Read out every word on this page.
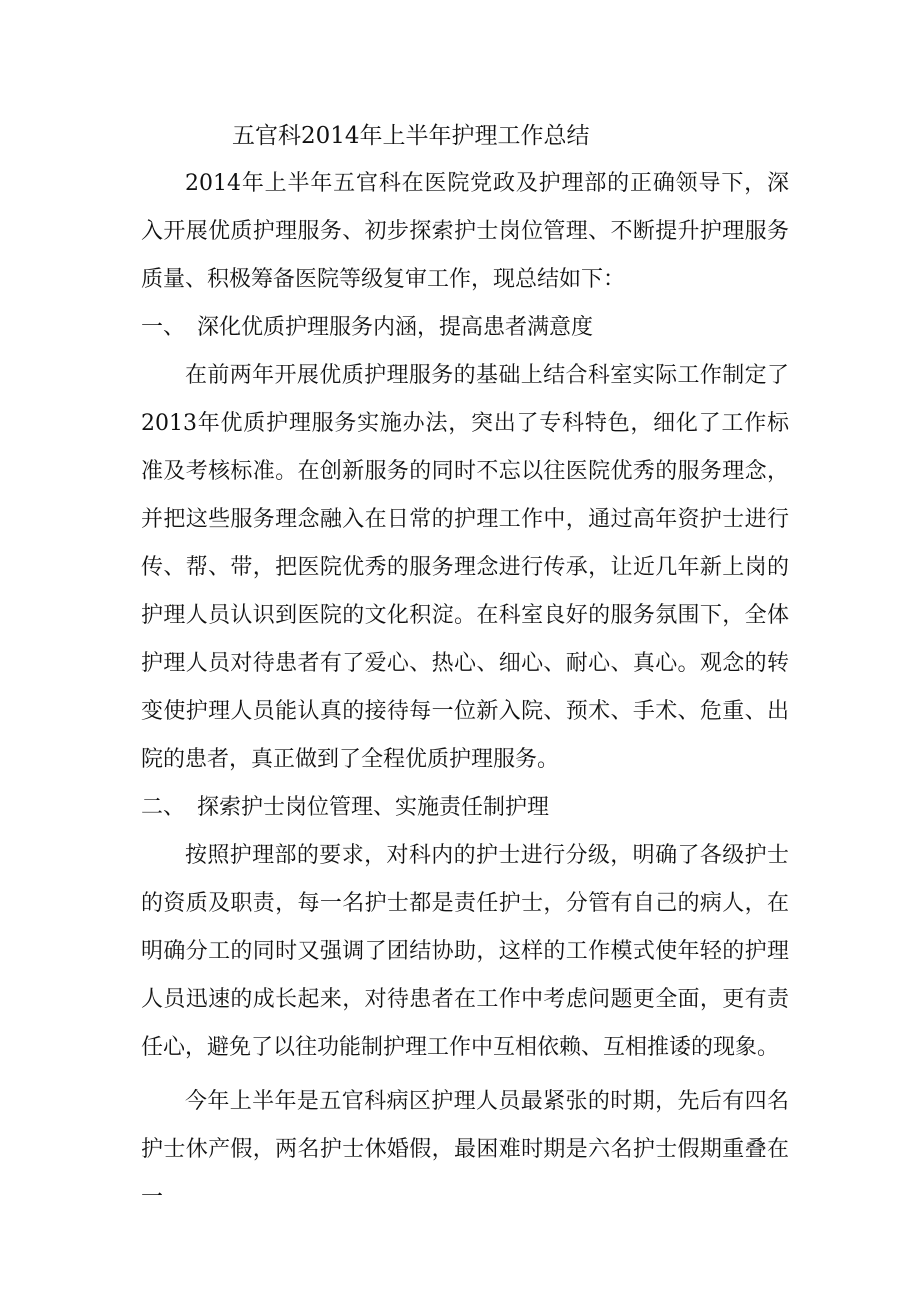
五官科2014年上半年护理工作总结

2014年上半年五官科在医院党政及护理部的正确领导下，深入开展优质护理服务、初步探索护士岗位管理、不断提升护理服务质量、积极筹备医院等级复审工作，现总结如下：

一、 深化优质护理服务内涵，提高患者满意度

在前两年开展优质护理服务的基础上结合科室实际工作制定了2013年优质护理服务实施办法，突出了专科特色，细化了工作标准及考核标准。在创新服务的同时不忘以往医院优秀的服务理念，并把这些服务理念融入在日常的护理工作中，通过高年资护士进行传、帮、带，把医院优秀的服务理念进行传承，让近几年新上岗的护理人员认识到医院的文化积淀。在科室良好的服务氛围下，全体护理人员对待患者有了爱心、热心、细心、耐心、真心。观念的转变使护理人员能认真的接待每一位新入院、预术、手术、危重、出院的患者，真正做到了全程优质护理服务。

二、 探索护士岗位管理、实施责任制护理

按照护理部的要求，对科内的护士进行分级，明确了各级护士的资质及职责，每一名护士都是责任护士，分管有自己的病人，在明确分工的同时又强调了团结协助，这样的工作模式使年轻的护理人员迅速的成长起来，对待患者在工作中考虑问题更全面，更有责任心，避免了以往功能制护理工作中互相依赖、互相推诿的现象。

今年上半年是五官科病区护理人员最紧张的时期，先后有四名护士休产假，两名护士休婚假，最困难时期是六名护士假期重叠在一
